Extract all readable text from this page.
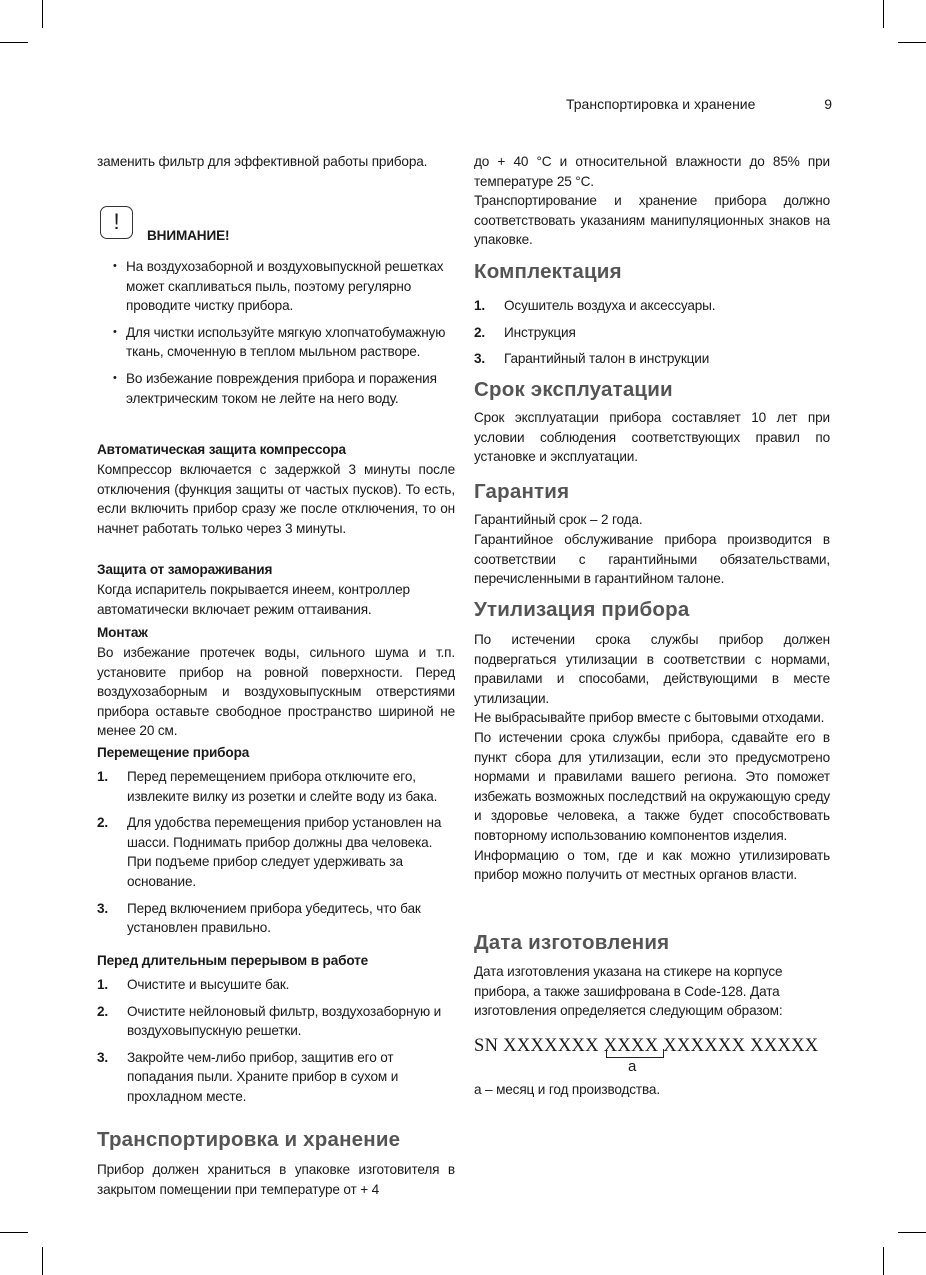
Транспортировка и хранение	9
заменить фильтр для эффективной работы прибора.
!
ВНИМАНИЕ!
• На воздухозаборной и воздуховыпускной решетках может скапливаться пыль, поэтому регулярно проводите чистку прибора.
• Для чистки используйте мягкую хлопчатобумажную ткань, смоченную в теплом мыльном растворе.
• Во избежание повреждения прибора и поражения электрическим током не лейте на него воду.
Автоматическая защита компрессора
Компрессор включается с задержкой 3 минуты после отключения (функция защиты от частых пусков). То есть, если включить прибор сразу же после отключения, то он начнет работать только через 3 минуты.
Защита от замораживания
Когда испаритель покрывается инеем, контроллер автоматически включает режим оттаивания.
Монтаж
Во избежание протечек воды, сильного шума и т.п. установите прибор на ровной поверхности. Перед воздухозаборным и воздуховыпускным отверстиями прибора оставьте свободное пространство шириной не менее 20 см.
Перемещение прибора
1. Перед перемещением прибора отключите его, извлеките вилку из розетки и слейте воду из бака.
2. Для удобства перемещения прибор установлен на шасси. Поднимать прибор должны два человека. При подъеме прибор следует удерживать за основание.
3. Перед включением прибора убедитесь, что бак установлен правильно.
Перед длительным перерывом в работе
1. Очистите и высушите бак.
2. Очистите нейлоновый фильтр, воздухозаборную и воздуховыпускную решетки.
3. Закройте чем-либо прибор, защитив его от попадания пыли. Храните прибор в сухом и прохладном месте.
Транспортировка и хранение
Прибор должен храниться в упаковке изготовителя в закрытом помещении при температуре от + 4
до + 40 °С и относительной влажности до 85% при температуре 25 °С.
Транспортирование и хранение прибора должно соответствовать указаниям манипуляционных знаков на упаковке.
Комплектация
1. Осушитель воздуха и аксессуары.
2. Инструкция
3. Гарантийный талон в инструкции
Срок эксплуатации
Срок эксплуатации прибора составляет 10 лет при условии соблюдения соответствующих правил по установке и эксплуатации.
Гарантия
Гарантийный срок – 2 года.
Гарантийное обслуживание прибора производится в соответствии с гарантийными обязательствами, перечисленными в гарантийном талоне.
Утилизация прибора
По истечении срока службы прибор должен подвергаться утилизации в соответствии с нормами, правилами и способами, действующими в месте утилизации.
Не выбрасывайте прибор вместе с бытовыми отходами.
По истечении срока службы прибора, сдавайте его в пункт сбора для утилизации, если это предусмотрено нормами и правилами вашего региона. Это поможет избежать возможных последствий на окружающую среду и здоровье человека, а также будет способствовать повторному использованию компонентов изделия.
Информацию о том, где и как можно утилизировать прибор можно получить от местных органов власти.
Дата изготовления
Дата изготовления указана на стикере на корпусе прибора, а также зашифрована в Code-128. Дата изготовления определяется следующим образом:
SN XXXXXXX XXXX XXXXXX XXXXX
а
а – месяц и год производства.
